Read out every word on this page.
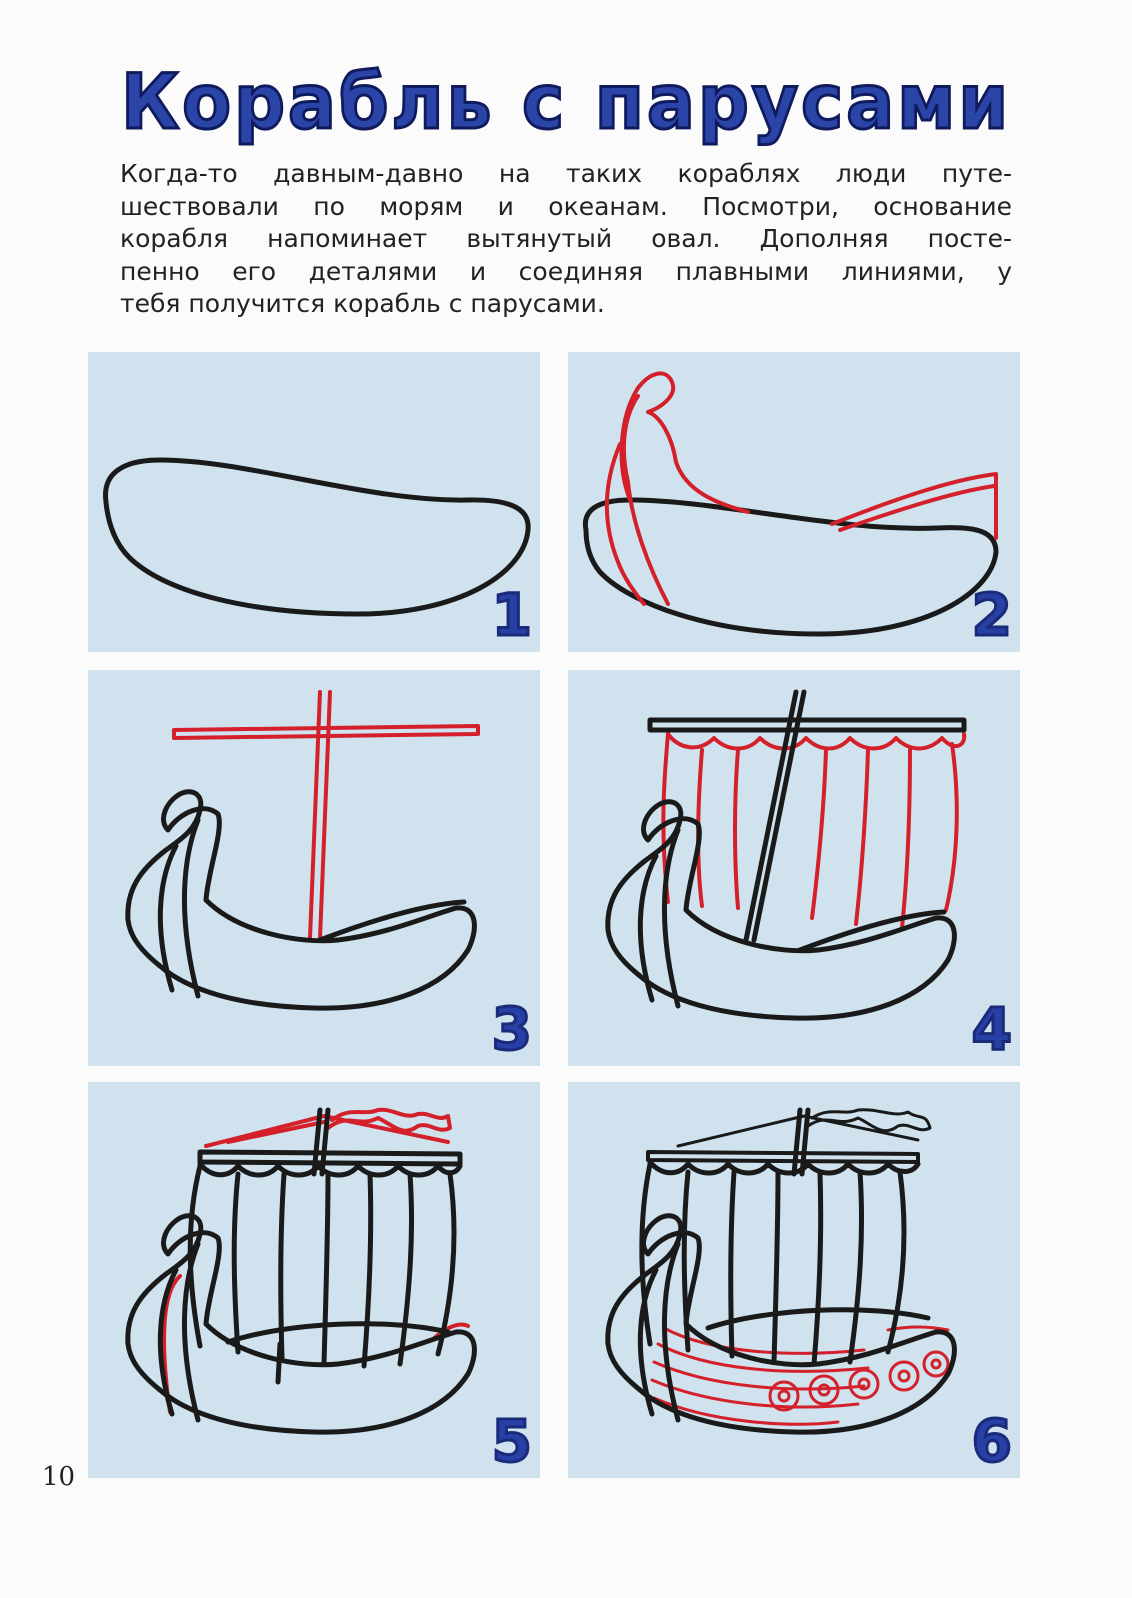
Корабль с парусами

Когда-то давным-давно на таких кораблях люди путе-
шествовали по морям и океанам. Посмотри, основание
корабля напоминает вытянутый овал. Дополняя посте-
пенно его деталями и соединяя плавными линиями, у
тебя получится корабль с парусами.

1	2
3	4
5	6
10
